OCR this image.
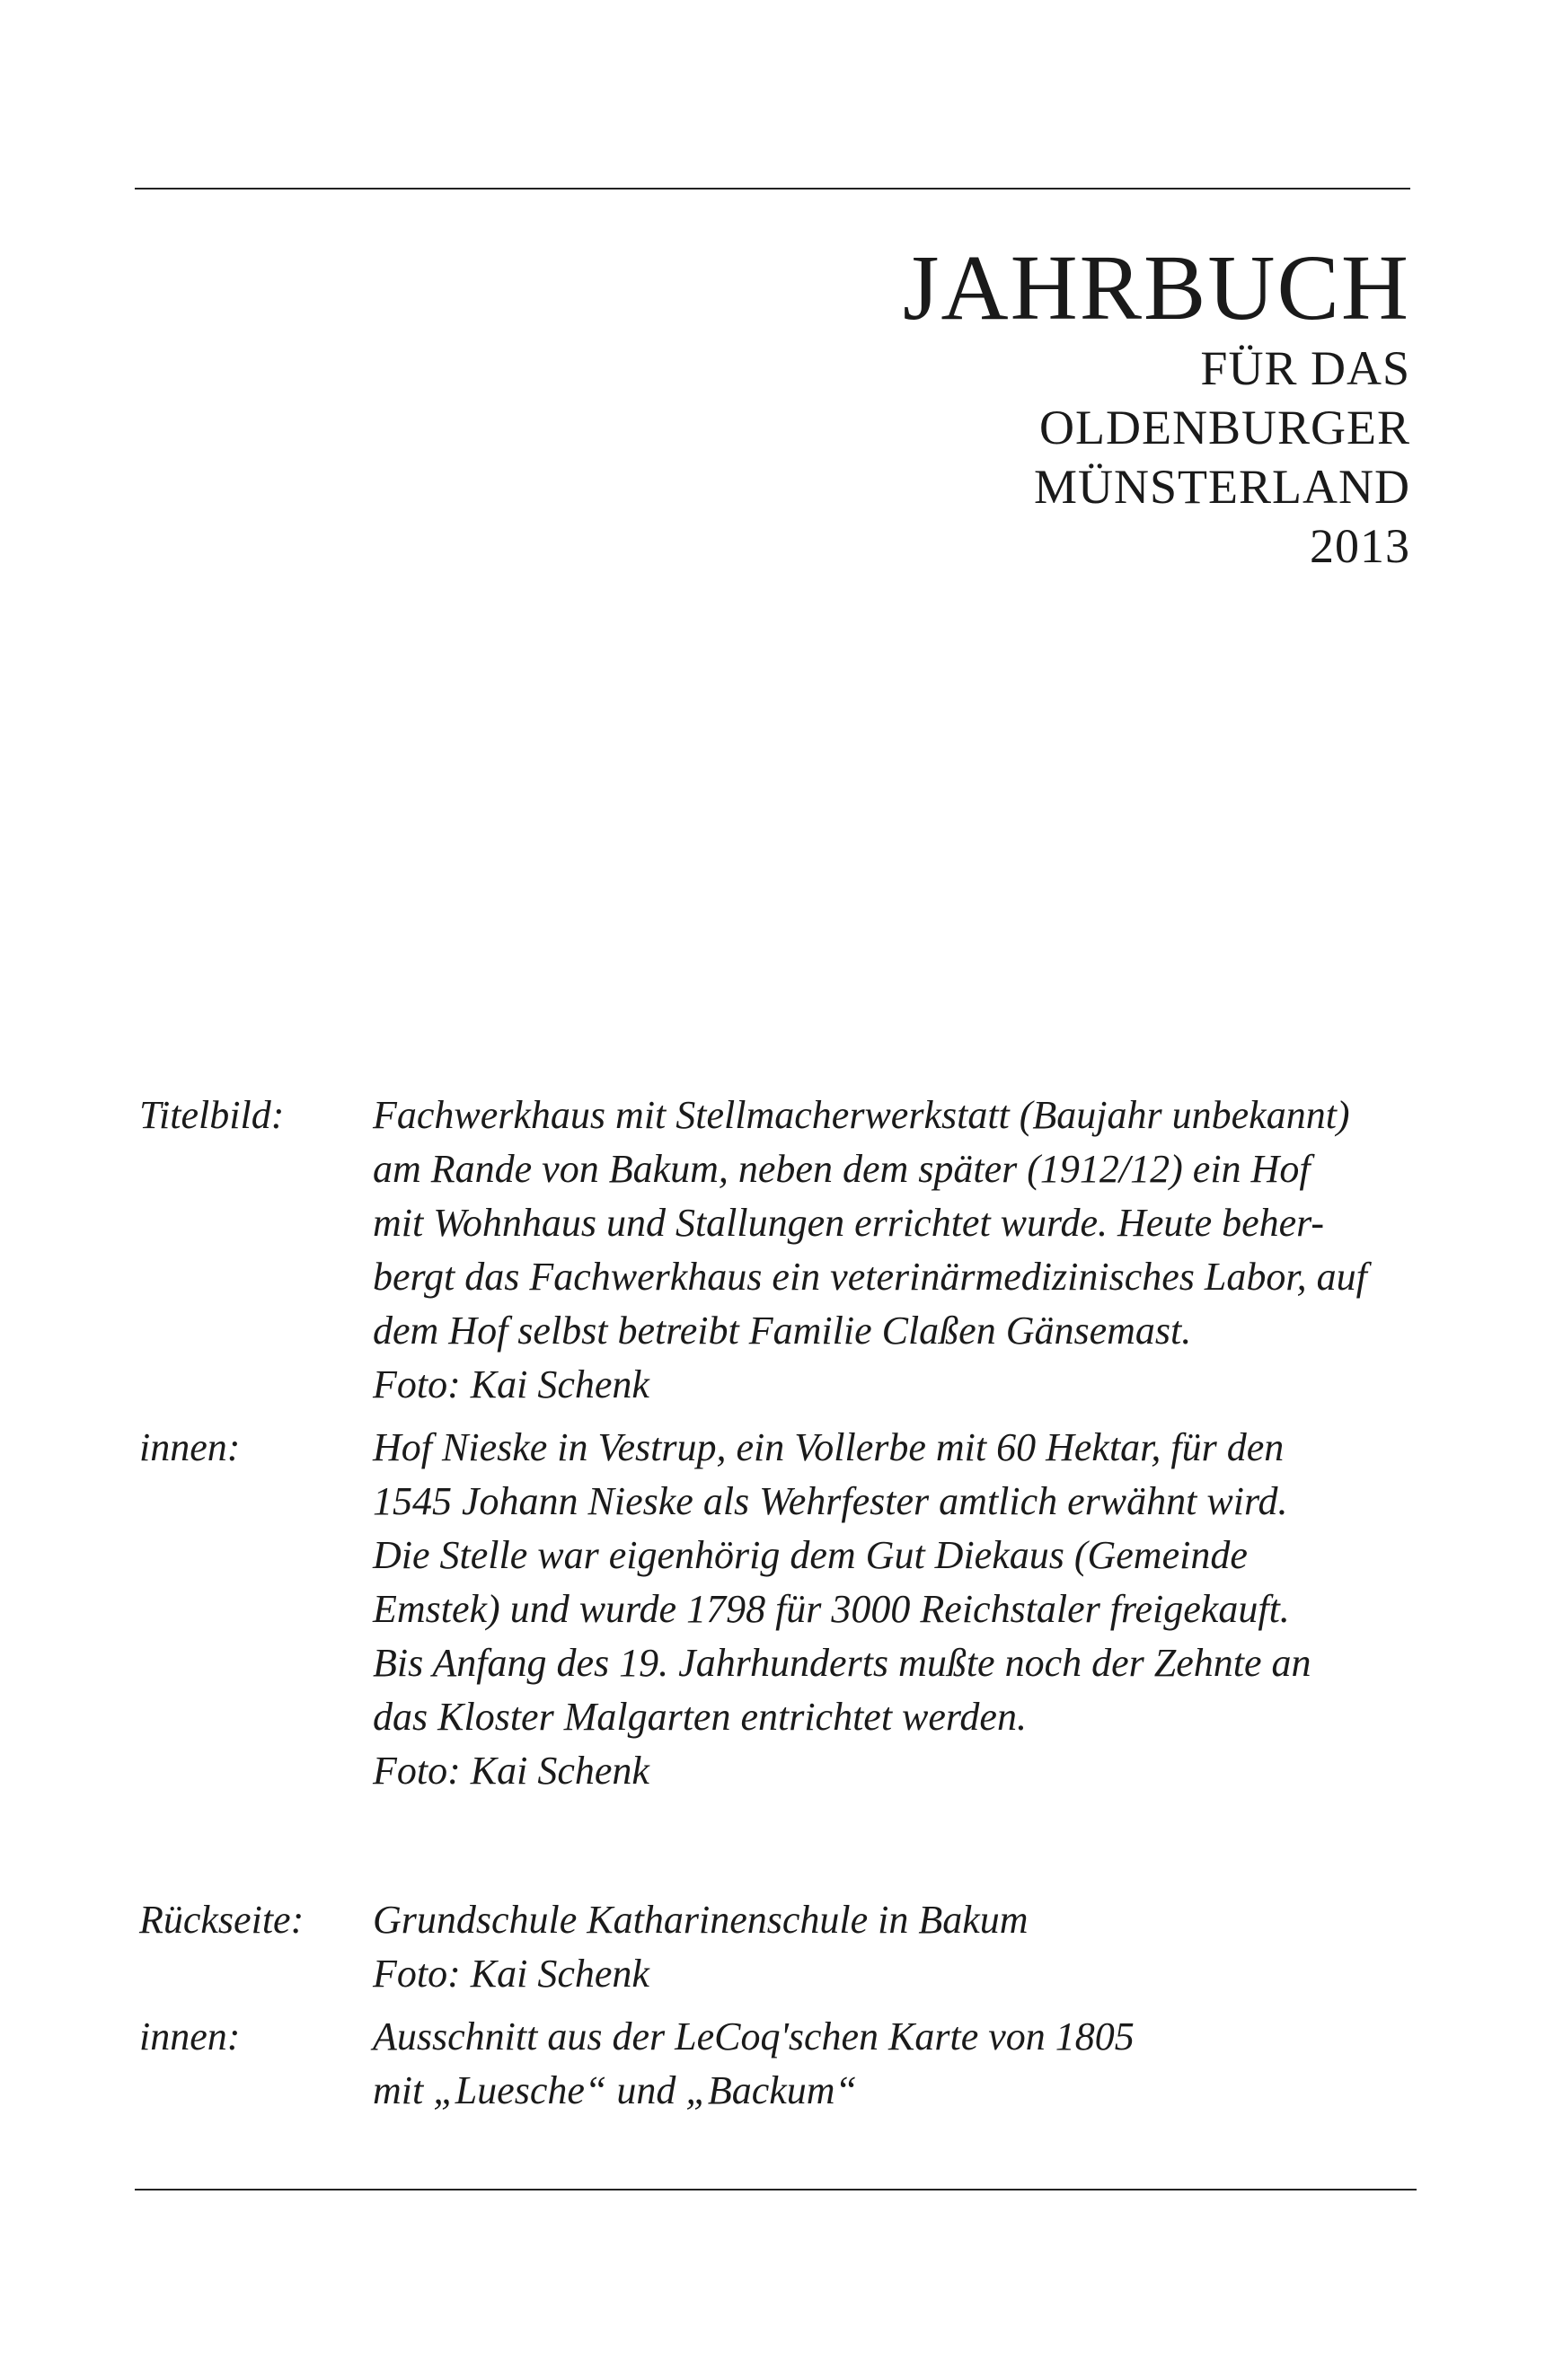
JAHRBUCH

FÜR DAS

OLDENBURGER

MÜNSTERLAND

2013

Titelbild: Fachwerkhaus mit Stellmacherwerkstatt (Baujahr unbekannt)
am Rande von Bakum, neben dem später (1912/12) ein Hof
mit Wohnhaus und Stallungen errichtet wurde. Heute beher-
bergt das Fachwerkhaus ein veterinärmedizinisches Labor, auf
dem Hof selbst betreibt Familie Claßen Gänsemast.
Foto: Kai Schenk
innen:	Hof Nieske in Vestrup, ein Vollerbe mit 60 Hektar, für den
1545 Johann Nieske als Wehrfester amtlich erwähnt wird.
Die Stelle war eigenhörig dem Gut Diekaus (Gemeinde
Emstek) und wurde 1798 für 3000 Reichstaler freigekauft.
Bis Anfang des 19. Jahrhunderts mußte noch der Zehnte an
das Kloster Malgarten entrichtet werden.
Foto: Kai Schenk
Rückseite: Grundschule Katharinenschule in Bakum
Foto: Kai Schenk
innen:	Ausschnitt aus der LeCoq'schen Karte von 1805
mit „Luesche“ und „Backum“
